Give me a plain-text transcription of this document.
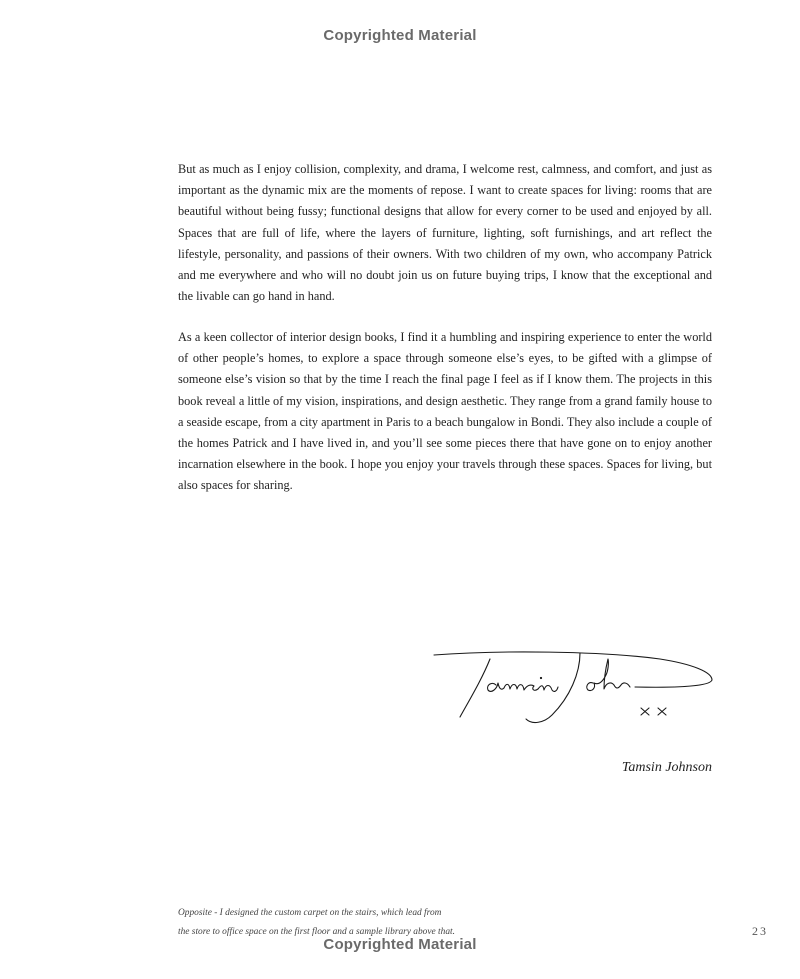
Copyrighted Material

But as much as I enjoy collision, complexity, and drama, I welcome rest, calmness, and comfort, and just as important as the dynamic mix are the moments of repose. I want to create spaces for living: rooms that are beautiful without being fussy; functional designs that allow for every corner to be used and enjoyed by all. Spaces that are full of life, where the layers of furniture, lighting, soft furnishings, and art reflect the lifestyle, personality, and passions of their owners. With two children of my own, who accompany Patrick and me everywhere and who will no doubt join us on future buying trips, I know that the exceptional and the livable can go hand in hand.

As a keen collector of interior design books, I find it a humbling and inspiring experience to enter the world of other people’s homes, to explore a space through someone else’s eyes, to be gifted with a glimpse of someone else’s vision so that by the time I reach the final page I feel as if I know them. The projects in this book reveal a little of my vision, inspirations, and design aesthetic. They range from a grand family house to a seaside escape, from a city apartment in Paris to a beach bungalow in Bondi. They also include a couple of the homes Patrick and I have lived in, and you’ll see some pieces there that have gone on to enjoy another incarnation elsewhere in the book. I hope you enjoy your travels through these spaces. Spaces for living, but also spaces for sharing.

Tamsin Johnson
Opposite - I designed the custom carpet on the stairs, which lead from
the store to office space on the first floor and a sample library above that.	23
Copyrighted Material
